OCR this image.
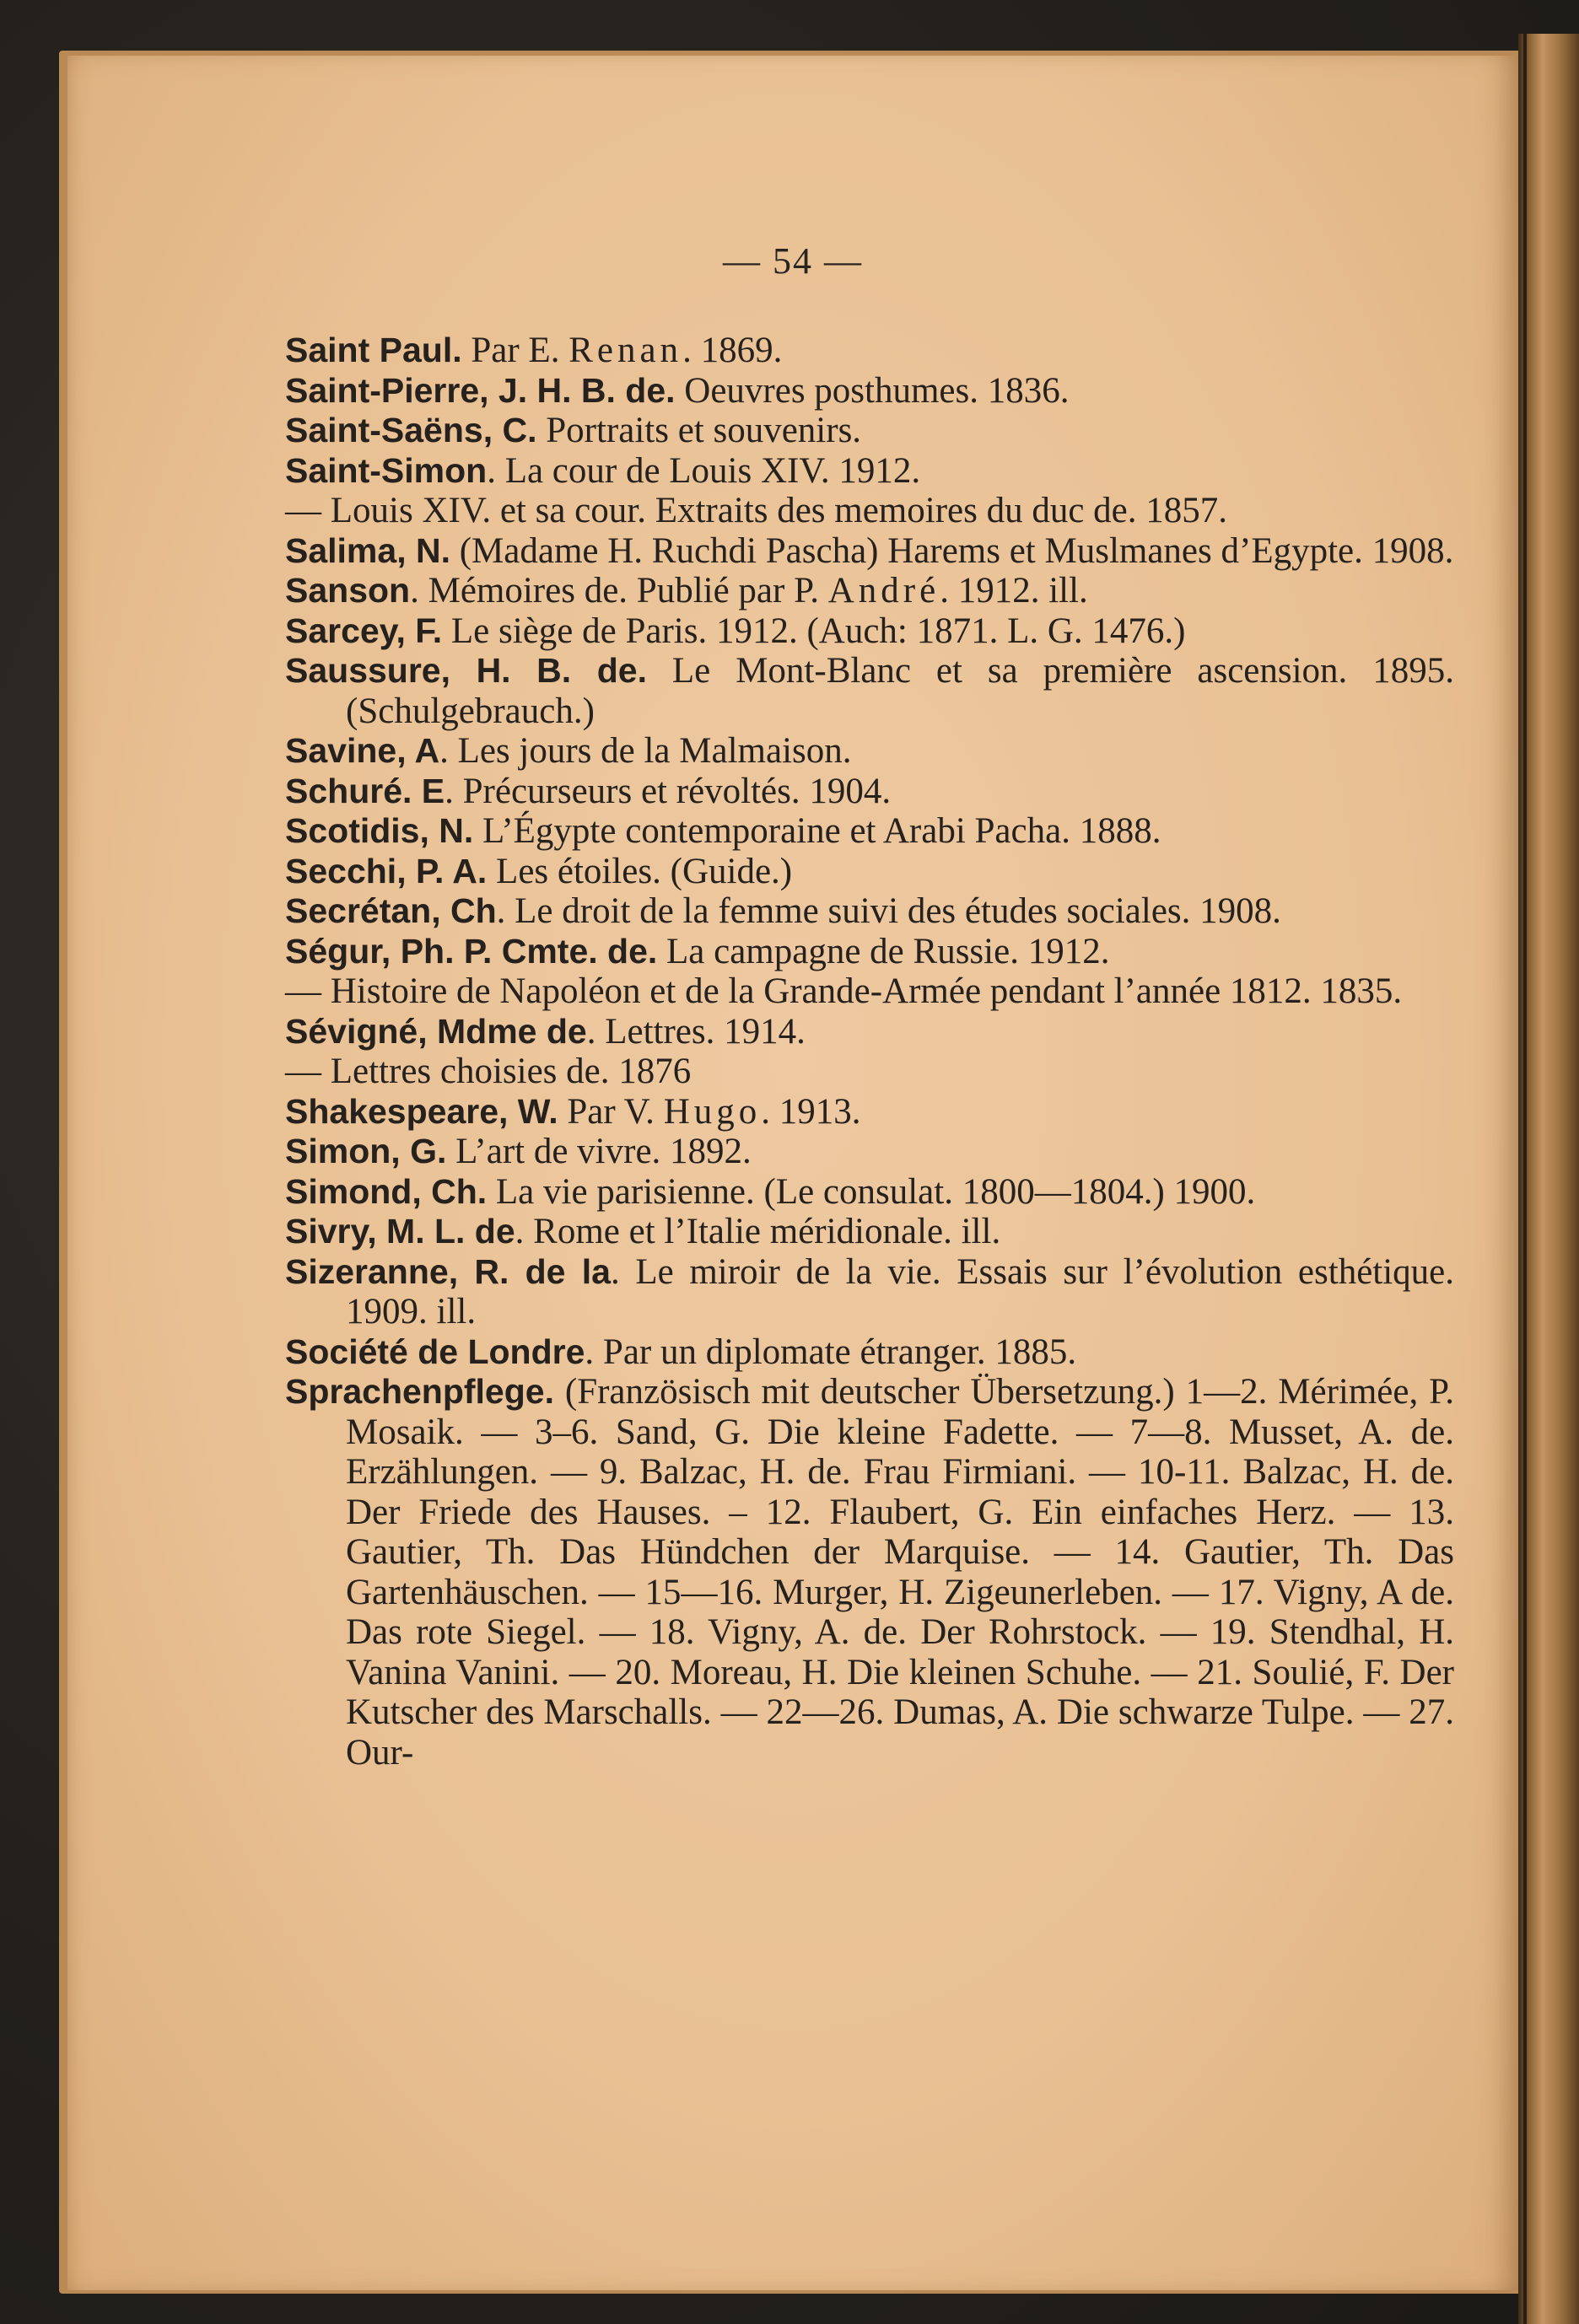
— 54 —

Saint Paul. Par E. Renan. 1869.

Saint-Pierre, J. H. B. de. Oeuvres posthumes. 1836.

Saint-Saëns, C. Portraits et souvenirs.

Saint-Simon. La cour de Louis XIV. 1912.

— Louis XIV. et sa cour. Extraits des memoires du duc de. 1857.

Salima, N. (Madame H. Ruchdi Pascha) Harems et Muslmanes d’Egypte. 1908.

Sanson. Mémoires de. Publié par P. André. 1912. ill.

Sarcey, F. Le siège de Paris. 1912. (Auch: 1871. L. G. 1476.)

Saussure, H. B. de. Le Mont-Blanc et sa première ascension. 1895. (Schulgebrauch.)

Savine, A. Les jours de la Malmaison.

Schuré. E. Précurseurs et révoltés. 1904.

Scotidis, N. L’Égypte contemporaine et Arabi Pacha. 1888.

Secchi, P. A. Les étoiles. (Guide.)

Secrétan, Ch. Le droit de la femme suivi des études sociales. 1908.

Ségur, Ph. P. Cmte. de. La campagne de Russie. 1912.

— Histoire de Napoléon et de la Grande-Armée pendant l’année 1812. 1835.

Sévigné, Mdme de. Lettres. 1914.

— Lettres choisies de. 1876

Shakespeare, W. Par V. Hugo. 1913.

Simon, G. L’art de vivre. 1892.

Simond, Ch. La vie parisienne. (Le consulat. 1800—1804.) 1900.

Sivry, M. L. de. Rome et l’Italie méridionale. ill.

Sizeranne, R. de la. Le miroir de la vie. Essais sur l’évolution esthétique. 1909. ill.

Société de Londre. Par un diplomate étranger. 1885.

Sprachenpflege. (Französisch mit deutscher Übersetzung.) 1—2. Mérimée, P. Mosaik. — 3–6. Sand, G. Die kleine Fadette. — 7—8. Musset, A. de. Erzählungen. — 9. Balzac, H. de. Frau Firmiani. — 10-11. Balzac, H. de. Der Friede des Hauses. – 12. Flaubert, G. Ein einfaches Herz. — 13. Gautier, Th. Das Hündchen der Marquise. — 14. Gautier, Th. Das Gartenhäuschen. — 15—16. Murger, H. Zigeunerleben. — 17. Vigny, A de. Das rote Siegel. — 18. Vigny, A. de. Der Rohrstock. — 19. Stendhal, H. Vanina Vanini. — 20. Moreau, H. Die kleinen Schuhe. — 21. Soulié, F. Der Kutscher des Marschalls. — 22—26. Dumas, A. Die schwarze Tulpe. — 27. Our-
